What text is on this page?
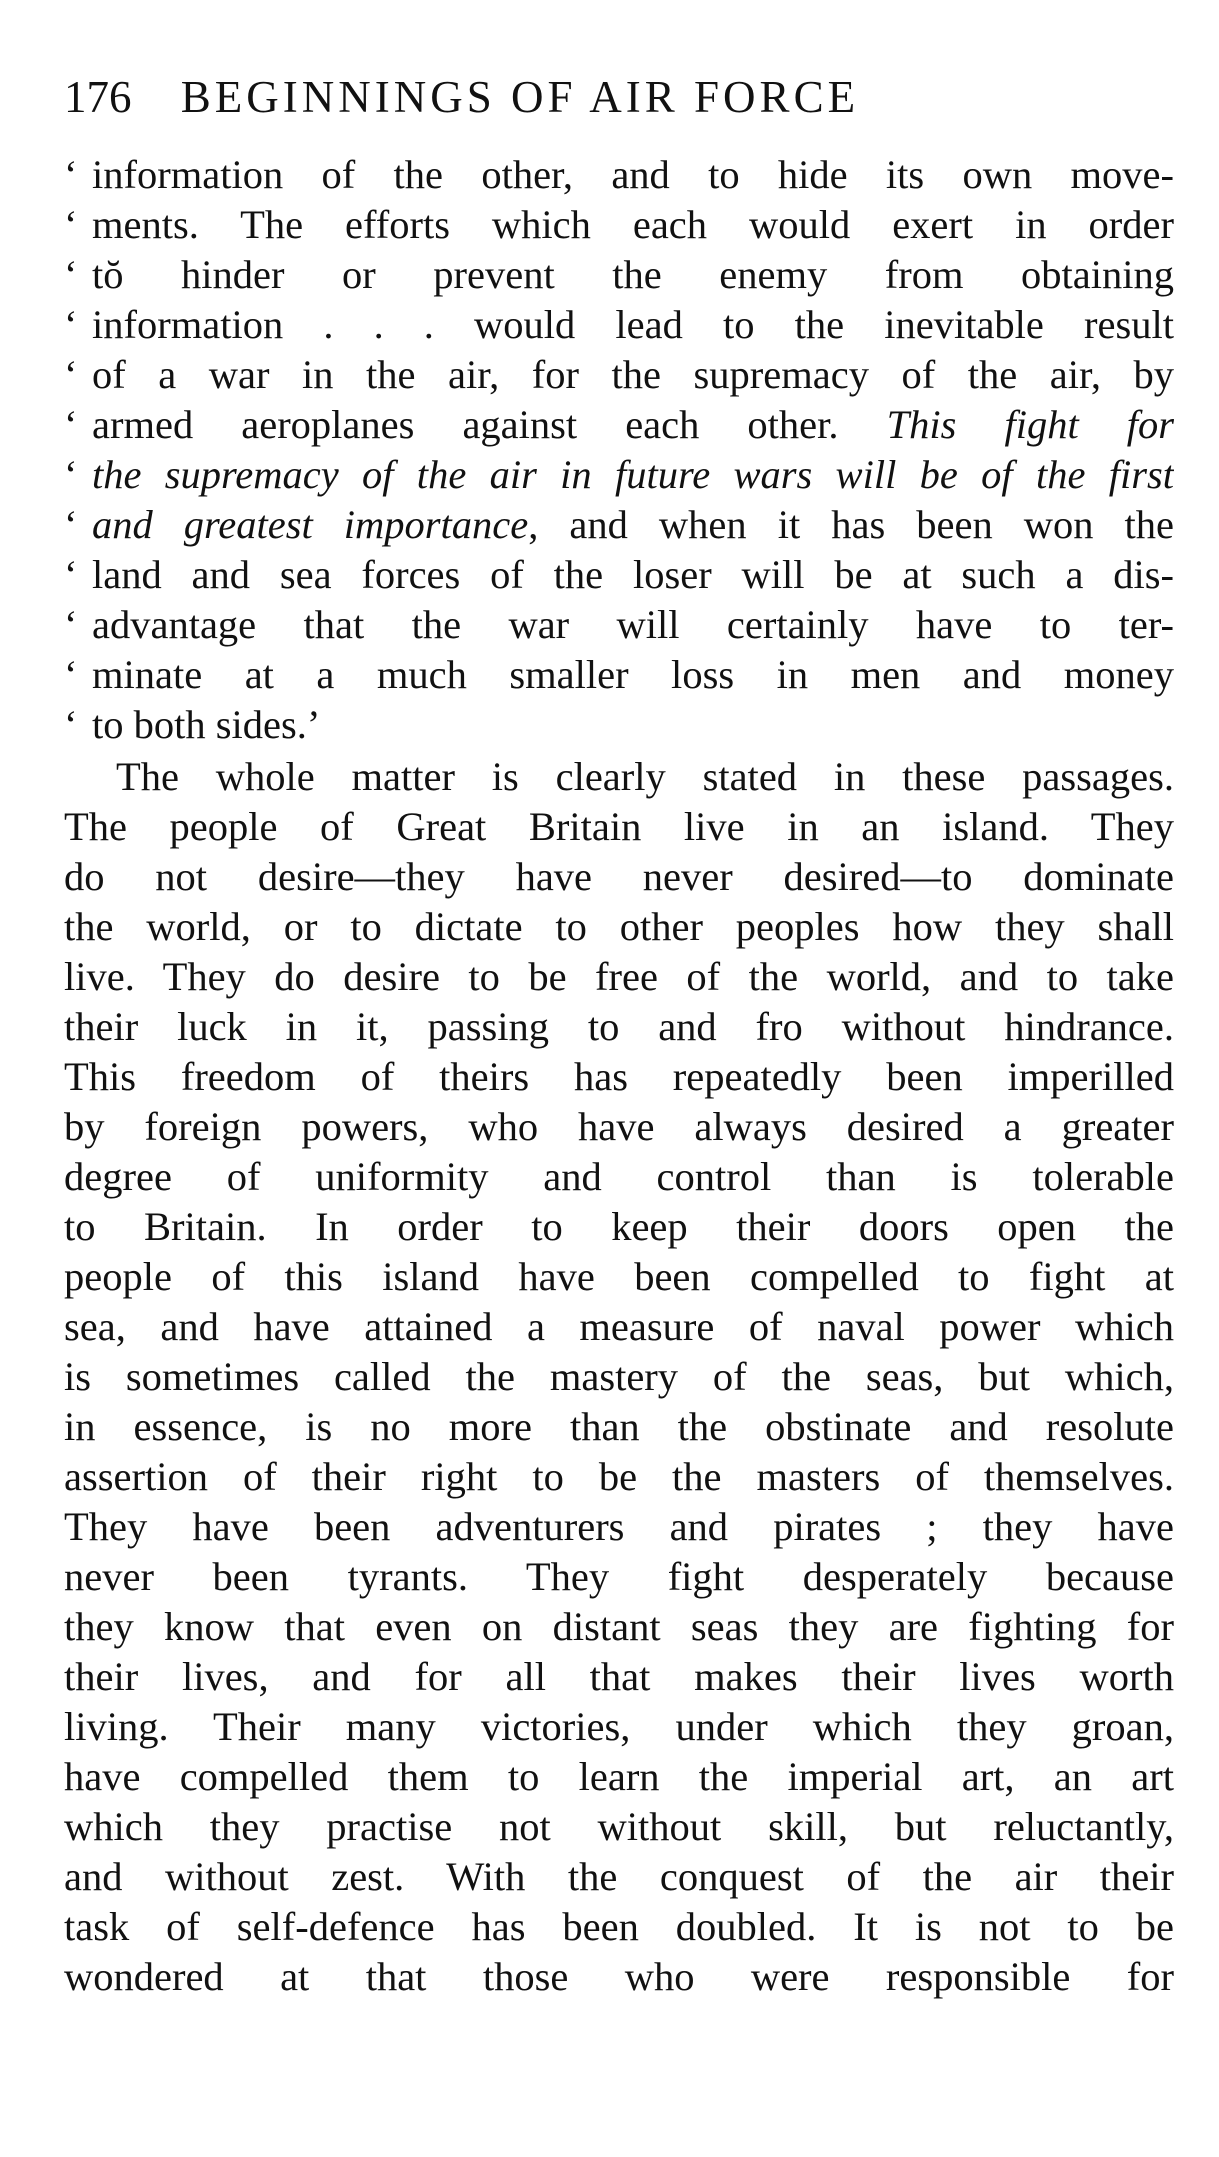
176 BEGINNINGS OF AIR FORCE
‘ information of the other, and to hide its own move-
‘ ments. The efforts which each would exert in order
‘ tŏ hinder or prevent the enemy from obtaining
‘ information . . . would lead to the inevitable result
‘ of a war in the air, for the supremacy of the air, by
‘ armed aeroplanes against each other. This fight for
‘ the supremacy of the air in future wars will be of the first
‘ and greatest importance, and when it has been won the
‘ land and sea forces of the loser will be at such a dis-
‘ advantage that the war will certainly have to ter-
‘ minate at a much smaller loss in men and money
‘ to both sides.’
The whole matter is clearly stated in these passages.
The people of Great Britain live in an island. They
do not desire—they have never desired—to dominate
the world, or to dictate to other peoples how they shall
live. They do desire to be free of the world, and to take
their luck in it, passing to and fro without hindrance.
This freedom of theirs has repeatedly been imperilled
by foreign powers, who have always desired a greater
degree of uniformity and control than is tolerable
to Britain. In order to keep their doors open the
people of this island have been compelled to fight at
sea, and have attained a measure of naval power which
is sometimes called the mastery of the seas, but which,
in essence, is no more than the obstinate and resolute
assertion of their right to be the masters of themselves.
They have been adventurers and pirates ; they have
never been tyrants. They fight desperately because
they know that even on distant seas they are fighting for
their lives, and for all that makes their lives worth
living. Their many victories, under which they groan,
have compelled them to learn the imperial art, an art
which they practise not without skill, but reluctantly,
and without zest. With the conquest of the air their
task of self-defence has been doubled. It is not to be
wondered at that those who were responsible for
